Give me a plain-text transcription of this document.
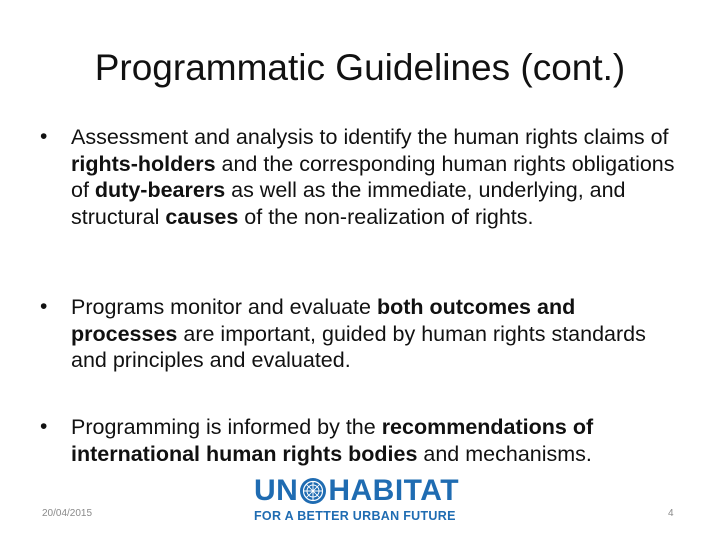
Programmatic Guidelines (cont.)
• Assessment and analysis to identify the human rights claims of rights-holders and the corresponding human rights obligations of duty-bearers as well as the immediate, underlying, and structural causes of the non-realization of rights.
• Programs monitor and evaluate both outcomes and processes are important, guided by human rights standards and principles and evaluated.
• Programming is informed by the recommendations of international human rights bodies and mechanisms.
20/04/2015
UN HABITAT
FOR A BETTER URBAN FUTURE	4
